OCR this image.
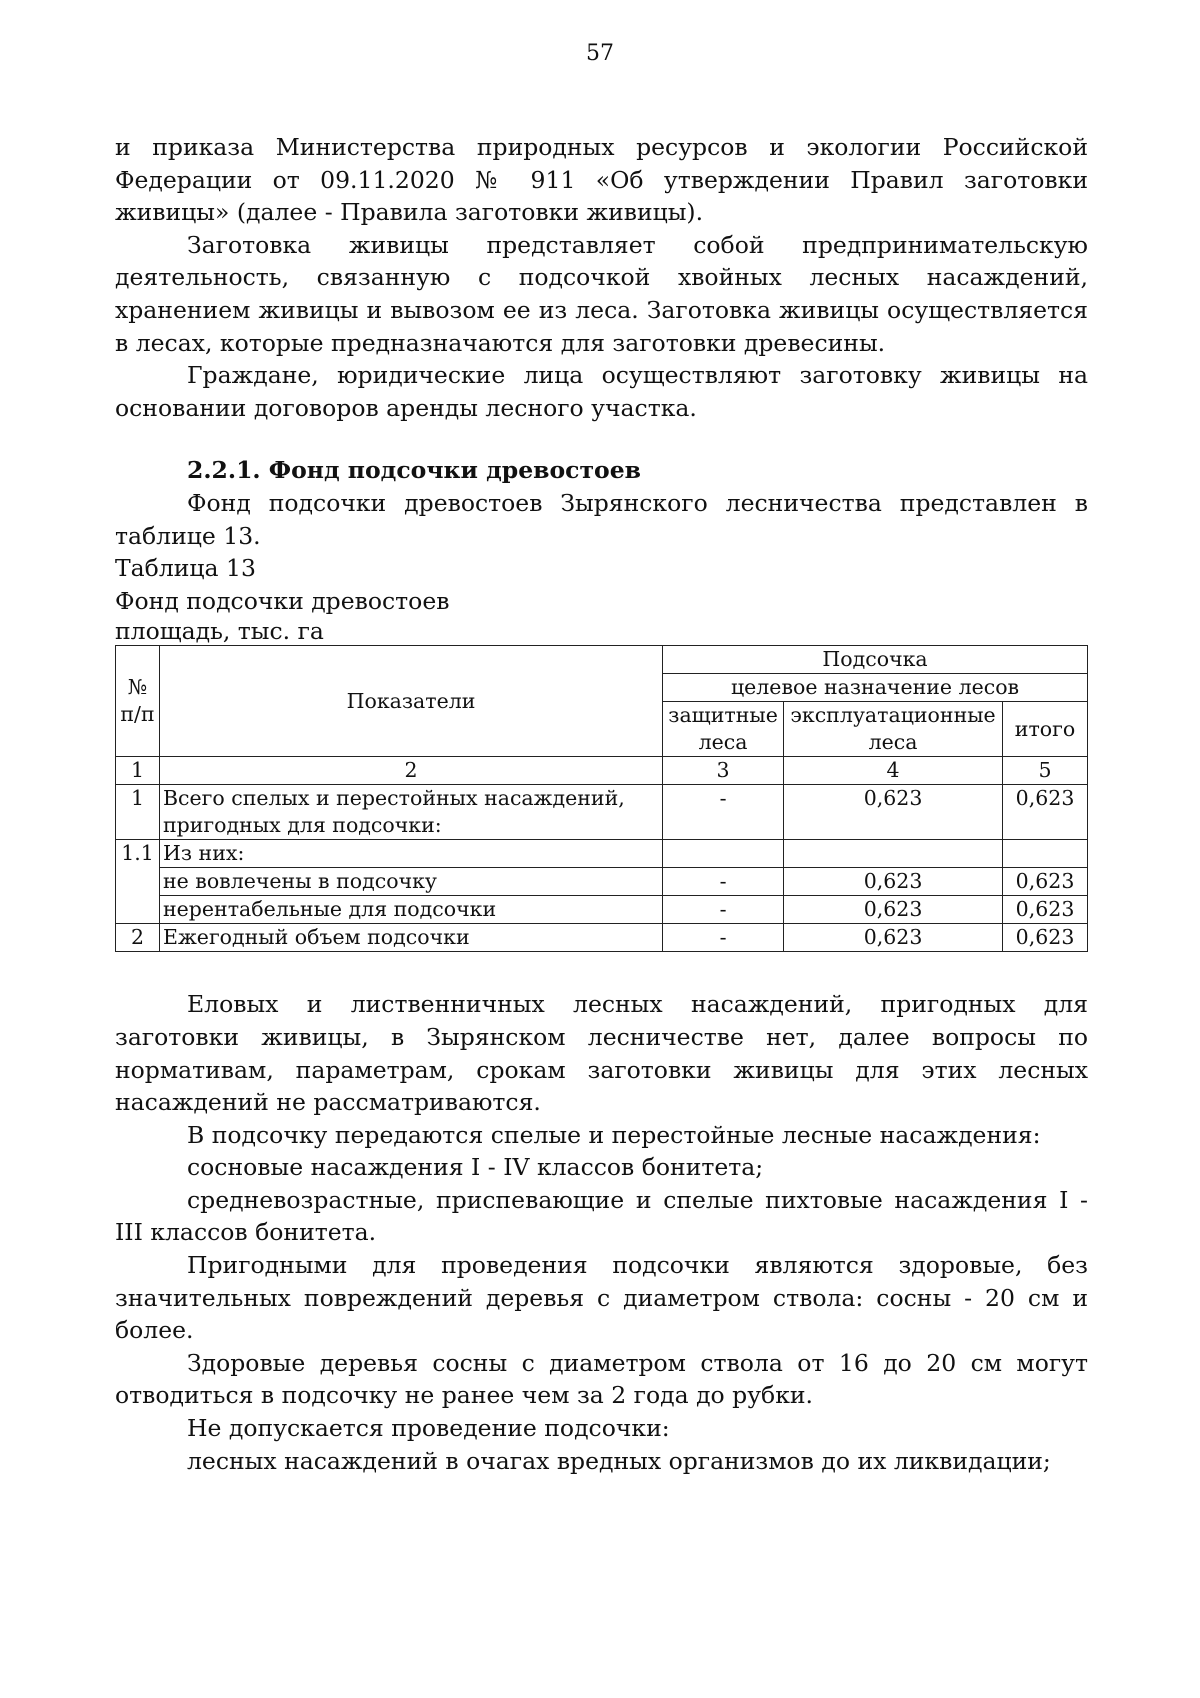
57

и приказа Министерства природных ресурсов и экологии Российской Федерации от 09.11.2020 № 911 «Об утверждении Правил заготовки живицы» (далее - Правила заготовки живицы).

Заготовка живицы представляет собой предпринимательскую деятельность, связанную с подсочкой хвойных лесных насаждений, хранением живицы и вывозом ее из леса. Заготовка живицы осуществляется в лесах, которые предназначаются для заготовки древесины.

Граждане, юридические лица осуществляют заготовку живицы на основании договоров аренды лесного участка.

2.2.1. Фонд подсочки древостоев

Фонд подсочки древостоев Зырянского лесничества представлен в таблице 13.

Таблица 13

Фонд подсочки древостоев

площадь, тыс. га

№ п/п	Показатели	Подсочка		
		целевое назначение лесов		
		защитные леса	эксплуатационные леса	итого
1	2	3	4	5
1	Всего спелых и перестойных насаждений, пригодных для подсочки:	-	0,623	0,623
1.1	Из них:			
	не вовлечены в подсочку	-	0,623	0,623
	нерентабельные для подсочки	-	0,623	0,623
2	Ежегодный объем подсочки	-	0,623	0,623

Еловых и лиственничных лесных насаждений, пригодных для заготовки живицы, в Зырянском лесничестве нет, далее вопросы по нормативам, параметрам, срокам заготовки живицы для этих лесных насаждений не рассматриваются.

В подсочку передаются спелые и перестойные лесные насаждения:

сосновые насаждения I - IV классов бонитета;

средневозрастные, приспевающие и спелые пихтовые насаждения I - III классов бонитета.

Пригодными для проведения подсочки являются здоровые, без значительных повреждений деревья с диаметром ствола: сосны - 20 см и более.

Здоровые деревья сосны с диаметром ствола от 16 до 20 см могут отводиться в подсочку не ранее чем за 2 года до рубки.

Не допускается проведение подсочки:

лесных насаждений в очагах вредных организмов до их ликвидации;
